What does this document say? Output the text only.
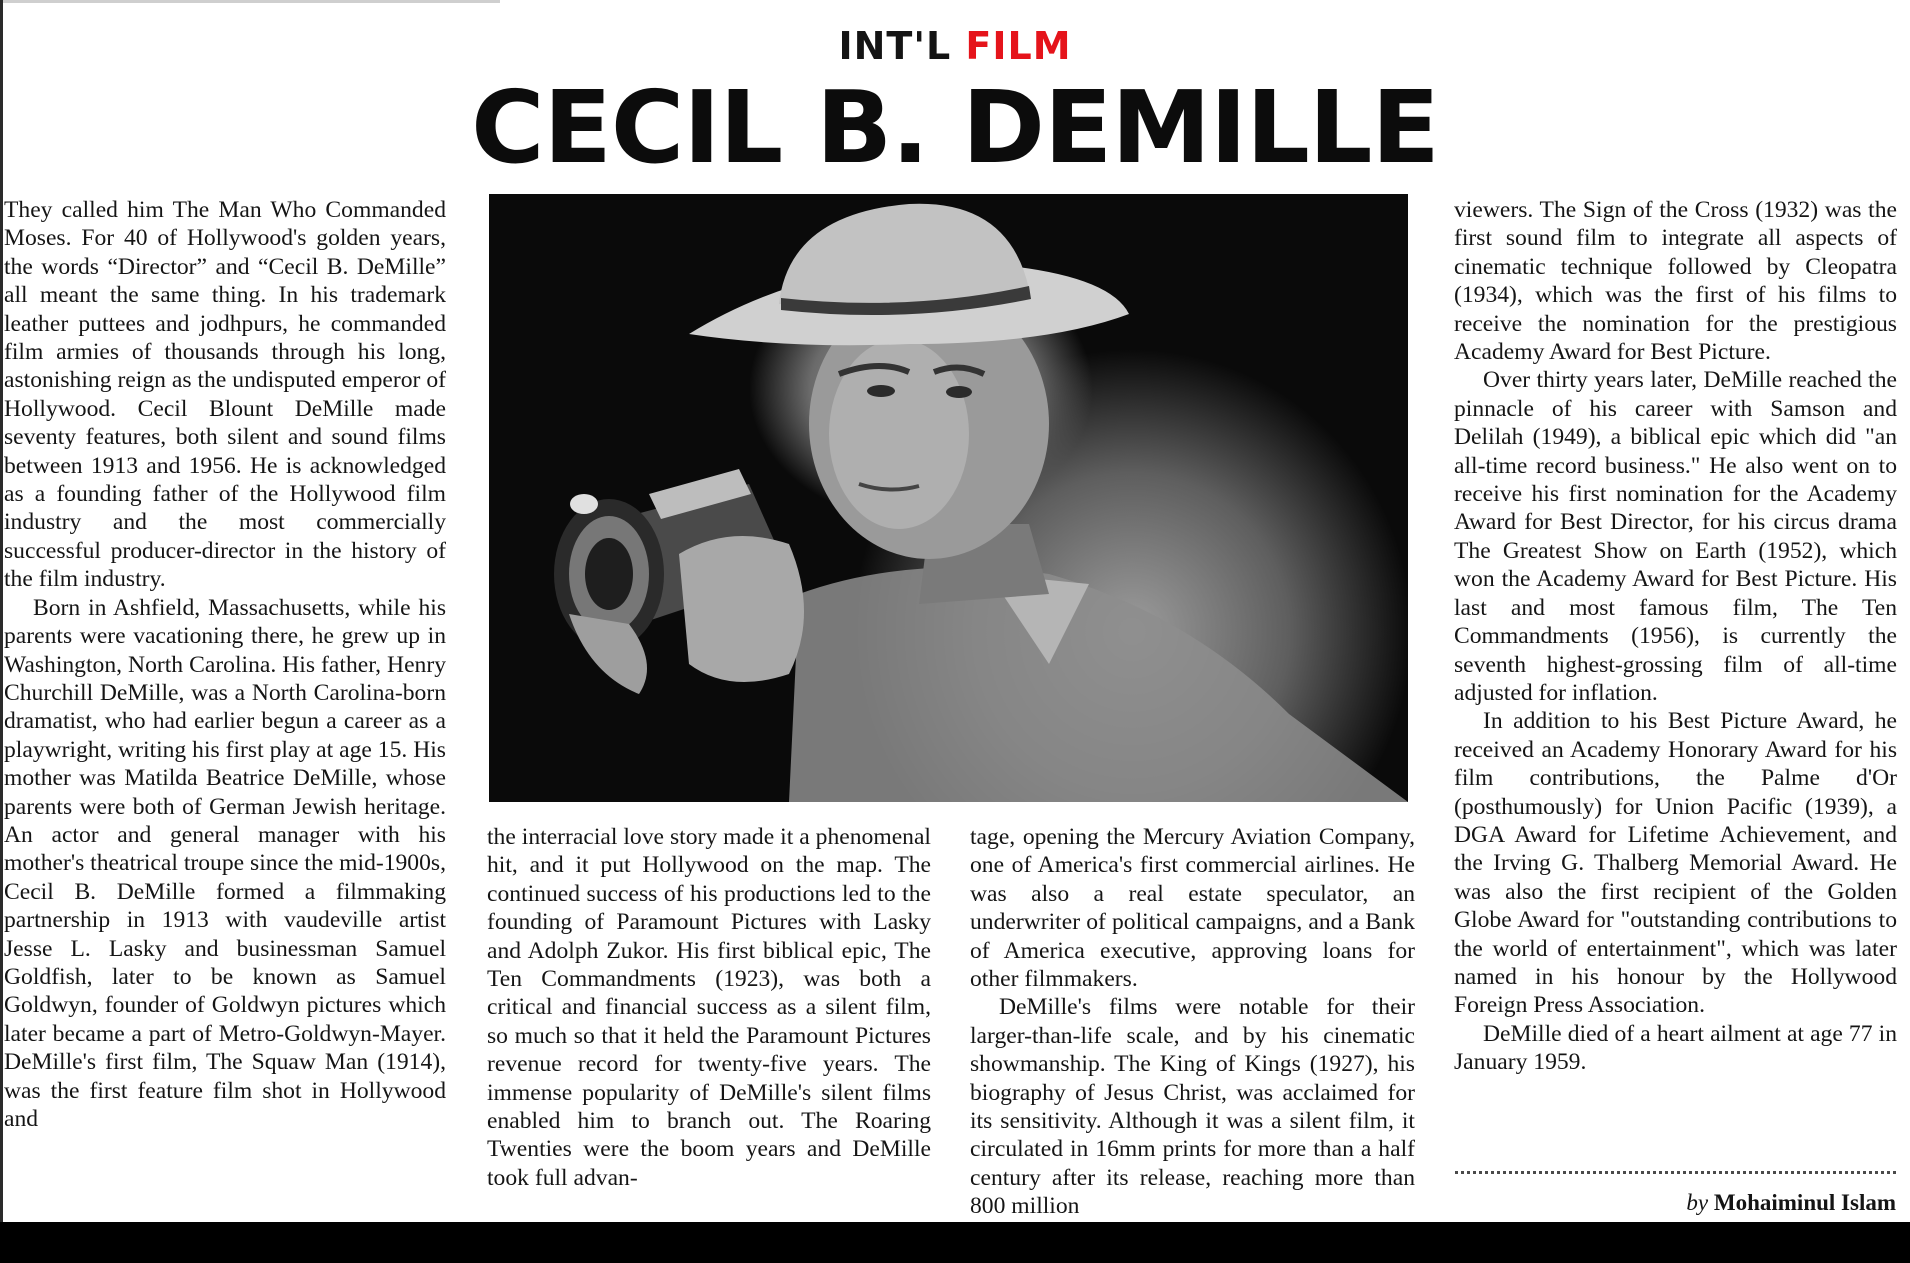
INT'L FILM
CECIL B. DEMILLE

They called him The Man Who Commanded Moses. For 40 of Hollywood's golden years, the words “Director” and “Cecil B. DeMille” all meant the same thing. In his trademark leather puttees and jodhpurs, he commanded film armies of thousands through his long, astonishing reign as the undisputed emperor of Hollywood. Cecil Blount DeMille made seventy features, both silent and sound films between 1913 and 1956. He is acknowledged as a founding father of the Hollywood film industry and the most commercially successful producer-director in the history of the film industry.

Born in Ashfield, Massachusetts, while his parents were vacationing there, he grew up in Washington, North Carolina. His father, Henry Churchill DeMille, was a North Carolina-born dramatist, who had earlier begun a career as a playwright, writing his first play at age 15. His mother was Matilda Beatrice DeMille, whose parents were both of German Jewish heritage. An actor and general manager with his mother's theatrical troupe since the mid-1900s, Cecil B. DeMille formed a filmmaking partnership in 1913 with vaudeville artist Jesse L. Lasky and businessman Samuel Goldfish, later to be known as Samuel Goldwyn, founder of Goldwyn pictures which later became a part of Metro-Goldwyn-Mayer. DeMille's first film, The Squaw Man (1914), was the first feature film shot in Hollywood and

the interracial love story made it a phenomenal hit, and it put Hollywood on the map. The continued success of his productions led to the founding of Paramount Pictures with Lasky and Adolph Zukor. His first biblical epic, The Ten Commandments (1923), was both a critical and financial success as a silent film, so much so that it held the Paramount Pictures revenue record for twenty-five years. The immense popularity of DeMille's silent films enabled him to branch out. The Roaring Twenties were the boom years and DeMille took full advan-

tage, opening the Mercury Aviation Company, one of America's first commercial airlines. He was also a real estate speculator, an underwriter of political campaigns, and a Bank of America executive, approving loans for other filmmakers.

DeMille's films were notable for their larger-than-life scale, and by his cinematic showmanship. The King of Kings (1927), his biography of Jesus Christ, was acclaimed for its sensitivity. Although it was a silent film, it circulated in 16mm prints for more than a half century after its release, reaching more than 800 million

viewers. The Sign of the Cross (1932) was the first sound film to integrate all aspects of cinematic technique followed by Cleopatra (1934), which was the first of his films to receive the nomination for the prestigious Academy Award for Best Picture.

Over thirty years later, DeMille reached the pinnacle of his career with Samson and Delilah (1949), a biblical epic which did "an all-time record business." He also went on to receive his first nomination for the Academy Award for Best Director, for his circus drama The Greatest Show on Earth (1952), which won the Academy Award for Best Picture. His last and most famous film, The Ten Commandments (1956), is currently the seventh highest-grossing film of all-time adjusted for inflation.

In addition to his Best Picture Award, he received an Academy Honorary Award for his film contributions, the Palme d'Or (posthumously) for Union Pacific (1939), a DGA Award for Lifetime Achievement, and the Irving G. Thalberg Memorial Award. He was also the first recipient of the Golden Globe Award for "outstanding contributions to the world of entertainment", which was later named in his honour by the Hollywood Foreign Press Association.

DeMille died of a heart ailment at age 77 in January 1959.

by Mohaiminul Islam
